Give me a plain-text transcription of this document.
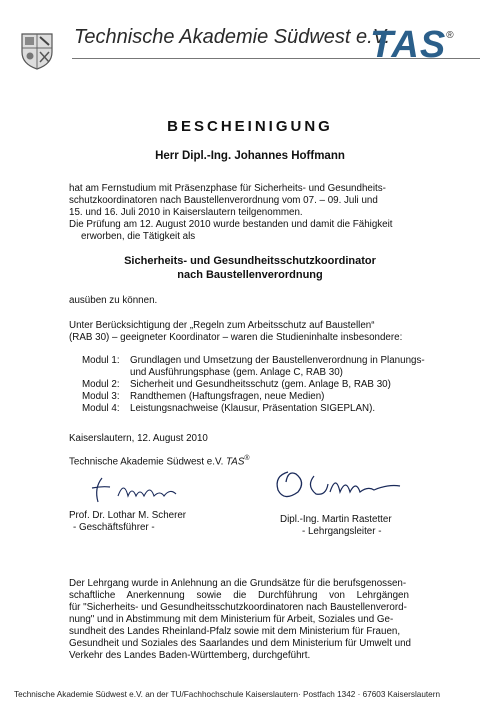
Technische Akademie Südwest e.V.
TAS®
BESCHEINIGUNG
Herr Dipl.-Ing. Johannes Hoffmann
hat am Fernstudium mit Präsenzphase für Sicherheits- und Gesundheits-
schutzkoordinatoren nach Baustellenverordnung vom 07. – 09. Juli und
15. und 16. Juli 2010 in Kaiserslautern teilgenommen.
Die Prüfung am 12. August 2010 wurde bestanden und damit die Fähigkeit
erworben, die Tätigkeit als
Sicherheits- und Gesundheitsschutzkoordinator
nach Baustellenverordnung
ausüben zu können.
Unter Berücksichtigung der „Regeln zum Arbeitsschutz auf Baustellen“
(RAB 30) – geeigneter Koordinator – waren die Studieninhalte insbesondere:
Modul 1: Grundlagen und Umsetzung der Baustellenverordnung in Planungs-
und Ausführungsphase (gem. Anlage C, RAB 30)
Modul 2: Sicherheit und Gesundheitsschutz (gem. Anlage B, RAB 30)
Modul 3: Randthemen (Haftungsfragen, neue Medien)
Modul 4: Leistungsnachweise (Klausur, Präsentation SIGEPLAN).
Kaiserslautern, 12. August 2010
Technische Akademie Südwest e.V. TAS®
Prof. Dr. Lothar M. Scherer
- Geschäftsführer -
Dipl.-Ing. Martin Rastetter
- Lehrgangsleiter -
Der Lehrgang wurde in Anlehnung an die Grundsätze für die berufsgenossen-
schaftliche Anerkennung sowie die Durchführung von Lehrgängen
für "Sicherheits- und Gesundheitsschutzkoordinatoren nach Baustellenverord-
nung" und in Abstimmung mit dem Ministerium für Arbeit, Soziales und Ge-
sundheit des Landes Rheinland-Pfalz sowie mit dem Ministerium für Frauen,
Gesundheit und Soziales des Saarlandes und dem Ministerium für Umwelt und
Verkehr des Landes Baden-Württemberg, durchgeführt.
Technische Akademie Südwest e.V. an der TU/Fachhochschule Kaiserslautern· Postfach 1342 · 67603 Kaiserslautern
